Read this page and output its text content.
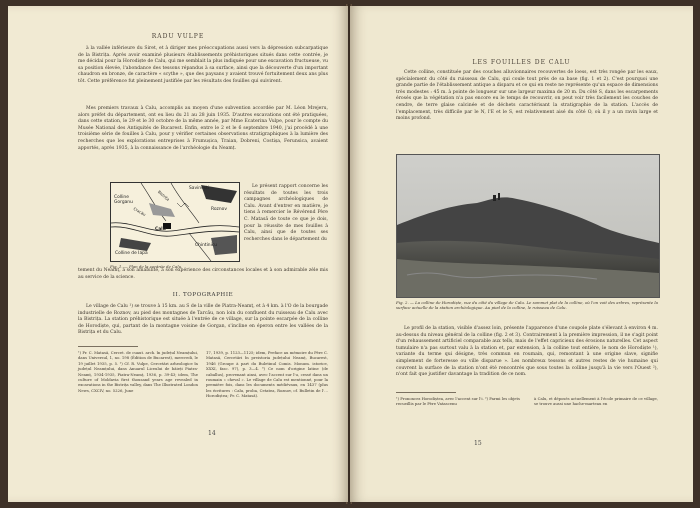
RADU VULPE

à la vallée inférieure du Siret, et à diriger mes préoccupations aussi vers la dépression subcarpatique de la Bistrița. Après avoir examiné plusieurs établissements préhistoriques situés dans cette contrée, je me décidai pour la Horodiște de Calu, qui me semblait la plus indiquée pour une excavation fructueuse, vu sa position élevée, l'abondance des tessons répandus à sa surface, ainsi que la découverte d'un important chaudron en bronze, de caractère « scythe », que des paysans y avaient trouvé fortuitement deux ans plus tôt. Cette préférence fut pleinement justifiée par les résultats des fouilles qui suivirent.

Mes premiers travaux à Calu, accomplis au moyen d'une subvention accordée par M. Léon Mrejeru, alors préfet du département, ont eu lieu du 21 au 28 juin 1935. D'autres excavations ont été pratiquées, dans cette station, le 29 et le 30 octobre de la même année, par Mme Ecaterina Vulpe, pour le compte du Musée National des Antiquités de Bucarest. Enfin, entre le 2 et le 6 septembre 1940, j'ai procédé à une troisième série de fouilles à Calu, pour y vérifier certaines observations stratigraphiques à la lumière des recherches que les explorations entreprises à Frumușica, Traian, Dobreni, Costișa, Ferunsica, avaient apportés, après 1935, à la connaissance de l'archéologie du Neamț.

Savinești
Colline Gorganu
Bistrița
Cracău
Calu
Roznov
Colline de Iapa
Chintinicu

Le présent rapport concerne les résultats de toutes les trois campagnes archéologiques de Calu. Avant d'entrer en matière, je tiens à remercier le Révérend Père C. Matasă de toute ce que je dois, pour la réussite de mes fouilles à Calu, ainsi que de toutes ses recherches dans le département du

Fig. 1. — Plan de la contrée de Calu.

tement du Neamț, à son amabilité, à son expérience des circonstances locales et à son admirable zèle mis au service de la science.

II. TOPOGRAPHIE

Le village de Calu ¹) se trouve à 15 km. au S de la ville de Piatra-Neamț, et à 4 km. à l'O de la bourgade industrielle de Roznov, au pied des montagnes de Tarcău, non loin du confluent du ruisseau de Calu avec la Bistrița. La station préhistorique est située à l'entrée de ce village, sur la pointe escarpée de la colline de Horodiște, qui, partant de la montagne voisine de Gorgan, s'incline en éperon entre les vallées de la Bistrița et du Calu.

¹) Pr. C. Matasă, Cercet. de cuaut. arch. în județul Neamțului, dans Universul, 1, no. 198 (Édition de Bucarest), mercredi, le 19 juillet 1935, p. 5. ²) Cf. R. Vulpe, Cercetări arheologice în județul Neamțului, dans Anuarul Liceului de băieți Piatra-Neamț, 1934-1935, Piatra-Neamț, 1936, p. 39-43; idem, The culture of Moldavia first thousand years age revealed in excavations in the Bistrița valley, dans The Illustrated London News, CXCIV, no. 5226, June

17, 1939, p. 1123—1125; idem, Preface au mémoire du Père C. Matasă, Cercetări în preistoria județului Neamț, Bucarest, 1946 (Groupe à part du Buletinul Comis. Monum. istorice, XXXI, fasc. 97), p. 3—4. ³) Ce nom d'origine latine (de caballus), provenant ainsi, avec l'accent sur l'u, cessé dans un roumain « cheval ». Le village de Calu est mentionné, pour la première fois, dans les documents médiévaux, en 1437 (plus les écritures : Calu, proba, Cetatea, Roznov, cf. Bulletin de l'… Horodiștea; Pr. C. Matasă).

14
LES FOUILLES DE CALU

Cette colline, constituée par des couches alluvionnaires recouvertes de loess, est très rongée par les eaux, spécialement du côté du ruisseau de Calu, qui coule tout près de sa base (fig. 1 et 2). C'est pourquoi une grande partie de l'établissement antique a disparu et ce qui en reste ne représente qu'un espace de dimensions très modestes : 45 m. à pointe de longueur sur une largeur maxima de 20 m. Du côté S, dans les escarpements érosés que la végétation n'a pas encore eu le temps de recouvrir, on peut voir très facilement les couches de cendre, de terre glaise calcinée et de déchets caractérisant la stratigraphie de la station. L'accès de l'emplacement, très difficile par le N, l'E et le S, est relativement aisé du côté O, où il y a un ravin large et moins profond.

Fig. 2. — La colline de Horodiște, vue du côté du village de Calu. Le sommet plat de la colline, où l'on voit des arbres, représente la surface actuelle de la station archéologique. Au pied de la colline, le ruisseau de Calu.

Le profil de la station, visible d'assez loin, présente l'apparence d'une coupole plate s'élevant à environ 4 m. au-dessus du niveau général de la colline (fig. 2 et 3). Contrairement à la première impression, il ne s'agit point d'un rehaussement artificiel comparable aux tells, mais de l'effet capricieux des érosions naturelles. Cet aspect tumulaire n'a pas surtout valu à la station et, par extension, à la colline tout entière, le nom de Horodiște ¹), variante du terme qui désigne, très commun en roumain, qui, remontant à une origine slave, signifie simplement de forteresse ou ville disparue ». Les nombreux tessons et autres restes de vie humaine qui couvrent la surface de la station n'ont été rencontrés que sous toutes la colline jusqu'à la vie vers l'Ouest ²), n'ont fait que justifier davantage la tradition de ce nom.

¹) Prononcez Horodiștea, avec l'accent sur l'i. ²) Parmi les objets recueillis par le Père Vatascenu

à Calu, et déposés actuellement à l'école primaire de ce village, se trouve aussi une hache-marteau en

15
